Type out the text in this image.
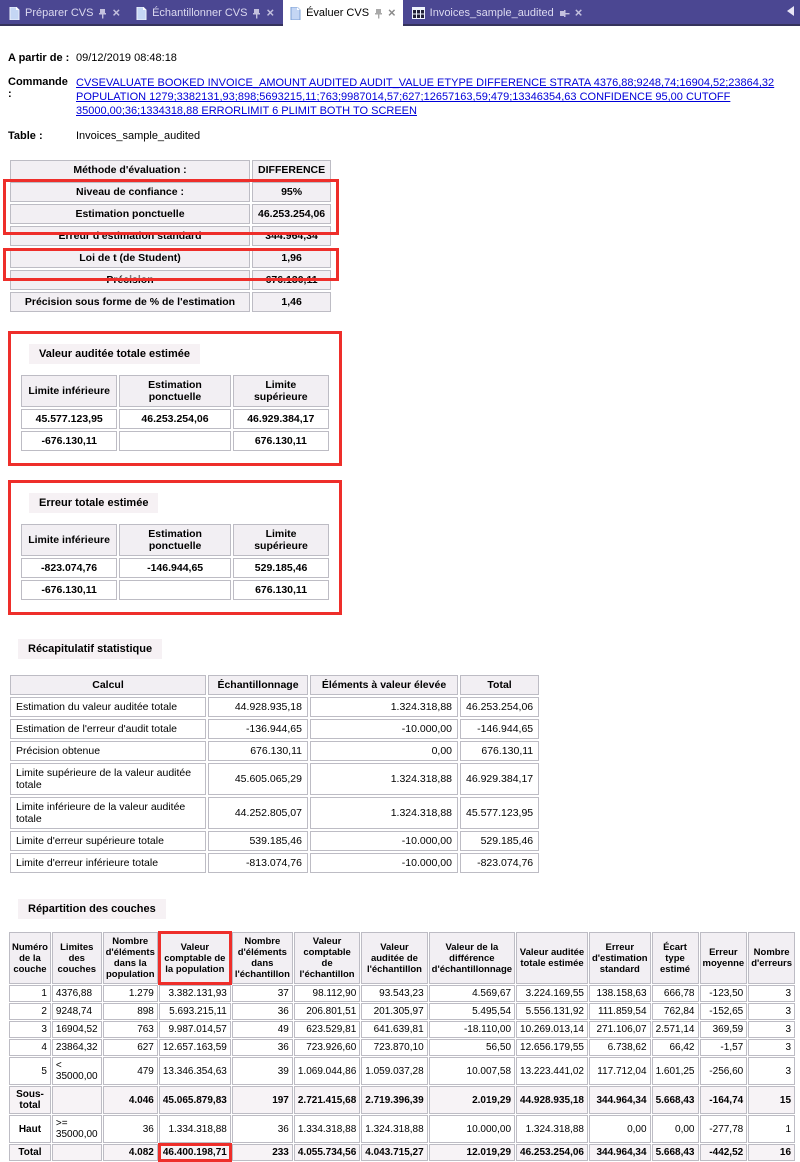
Préparer CVS ×	Échantillonner CVS ×	Évaluer CVS ×	Invoices_sample_audited ×
A partir de : 09/12/2019 08:48:18
Commande :
CVSEVALUATE BOOKED INVOICE_AMOUNT AUDITED AUDIT_VALUE ETYPE DIFFERENCE STRATA 4376,88;9248,74;16904,52;23864,32 POPULATION 1279;3382131,93;898;5693215,11;763;9987014,57;627;12657163,59;479;13346354,63 CONFIDENCE 95,00 CUTOFF 35000,00;36;1334318,88 ERRORLIMIT 6 PLIMIT BOTH TO SCREEN
Table :	Invoices_sample_audited
Méthode d'évaluation :	DIFFERENCE
Niveau de confiance :	95%
Estimation ponctuelle	46.253.254,06
Erreur d'estimation standard	344.964,34
Loi de t (de Student)	1,96
Précision	676.130,11
Précision sous forme de % de l'estimation	1,46
Valeur auditée totale estimée
Limite inférieure	Estimation ponctuelle	Limite supérieure
45.577.123,95	46.253.254,06	46.929.384,17
-676.130,11		676.130,11
Erreur totale estimée
Limite inférieure	Estimation ponctuelle	Limite supérieure
-823.074,76	-146.944,65	529.185,46
-676.130,11		676.130,11
Récapitulatif statistique
Calcul	Échantillonnage	Éléments à valeur élevée	Total
Estimation du valeur auditée totale	44.928.935,18	1.324.318,88	46.253.254,06
Estimation de l'erreur d'audit totale	-136.944,65	-10.000,00	-146.944,65
Précision obtenue	676.130,11	0,00	676.130,11
Limite supérieure de la valeur auditée totale	45.605.065,29	1.324.318,88	46.929.384,17
Limite inférieure de la valeur auditée totale	44.252.805,07	1.324.318,88	45.577.123,95
Limite d'erreur supérieure totale	539.185,46	-10.000,00	529.185,46
Limite d'erreur inférieure totale	-813.074,76	-10.000,00	-823.074,76
Répartition des couches
Numéro de la couche	Limites des couches	Nombre d'éléments dans la population	Valeur comptable de la population	Nombre d'éléments dans l'échantillon	Valeur comptable de l'échantillon	Valeur auditée de l'échantillon	Valeur de la différence d'échantillonnage	Valeur auditée totale estimée	Erreur d'estimation standard	Écart type estimé	Erreur moyenne	Nombre d'erreurs
1	4376,88	1.279	3.382.131,93	37	98.112,90	93.543,23	4.569,67	3.224.169,55	138.158,63	666,78	-123,50	3
2	9248,74	898	5.693.215,11	36	206.801,51	201.305,97	5.495,54	5.556.131,92	111.859,54	762,84	-152,65	3
3	16904,52	763	9.987.014,57	49	623.529,81	641.639,81	-18.110,00	10.269.013,14	271.106,07	2.571,14	369,59	3
4	23864,32	627	12.657.163,59	36	723.926,60	723.870,10	56,50	12.656.179,55	6.738,62	66,42	-1,57	3
5	< 35000,00	479	13.346.354,63	39	1.069.044,86	1.059.037,28	10.007,58	13.223.441,02	117.712,04	1.601,25	-256,60	3
Sous-total		4.046	45.065.879,83	197	2.721.415,68	2.719.396,39	2.019,29	44.928.935,18	344.964,34	5.668,43	-164,74	15
Haut	>= 35000,00	36	1.334.318,88	36	1.334.318,88	1.324.318,88	10.000,00	1.324.318,88	0,00	0,00	-277,78	1
Total		4.082	46.400.198,71	233	4.055.734,56	4.043.715,27	12.019,29	46.253.254,06	344.964,34	5.668,43	-442,52	16
